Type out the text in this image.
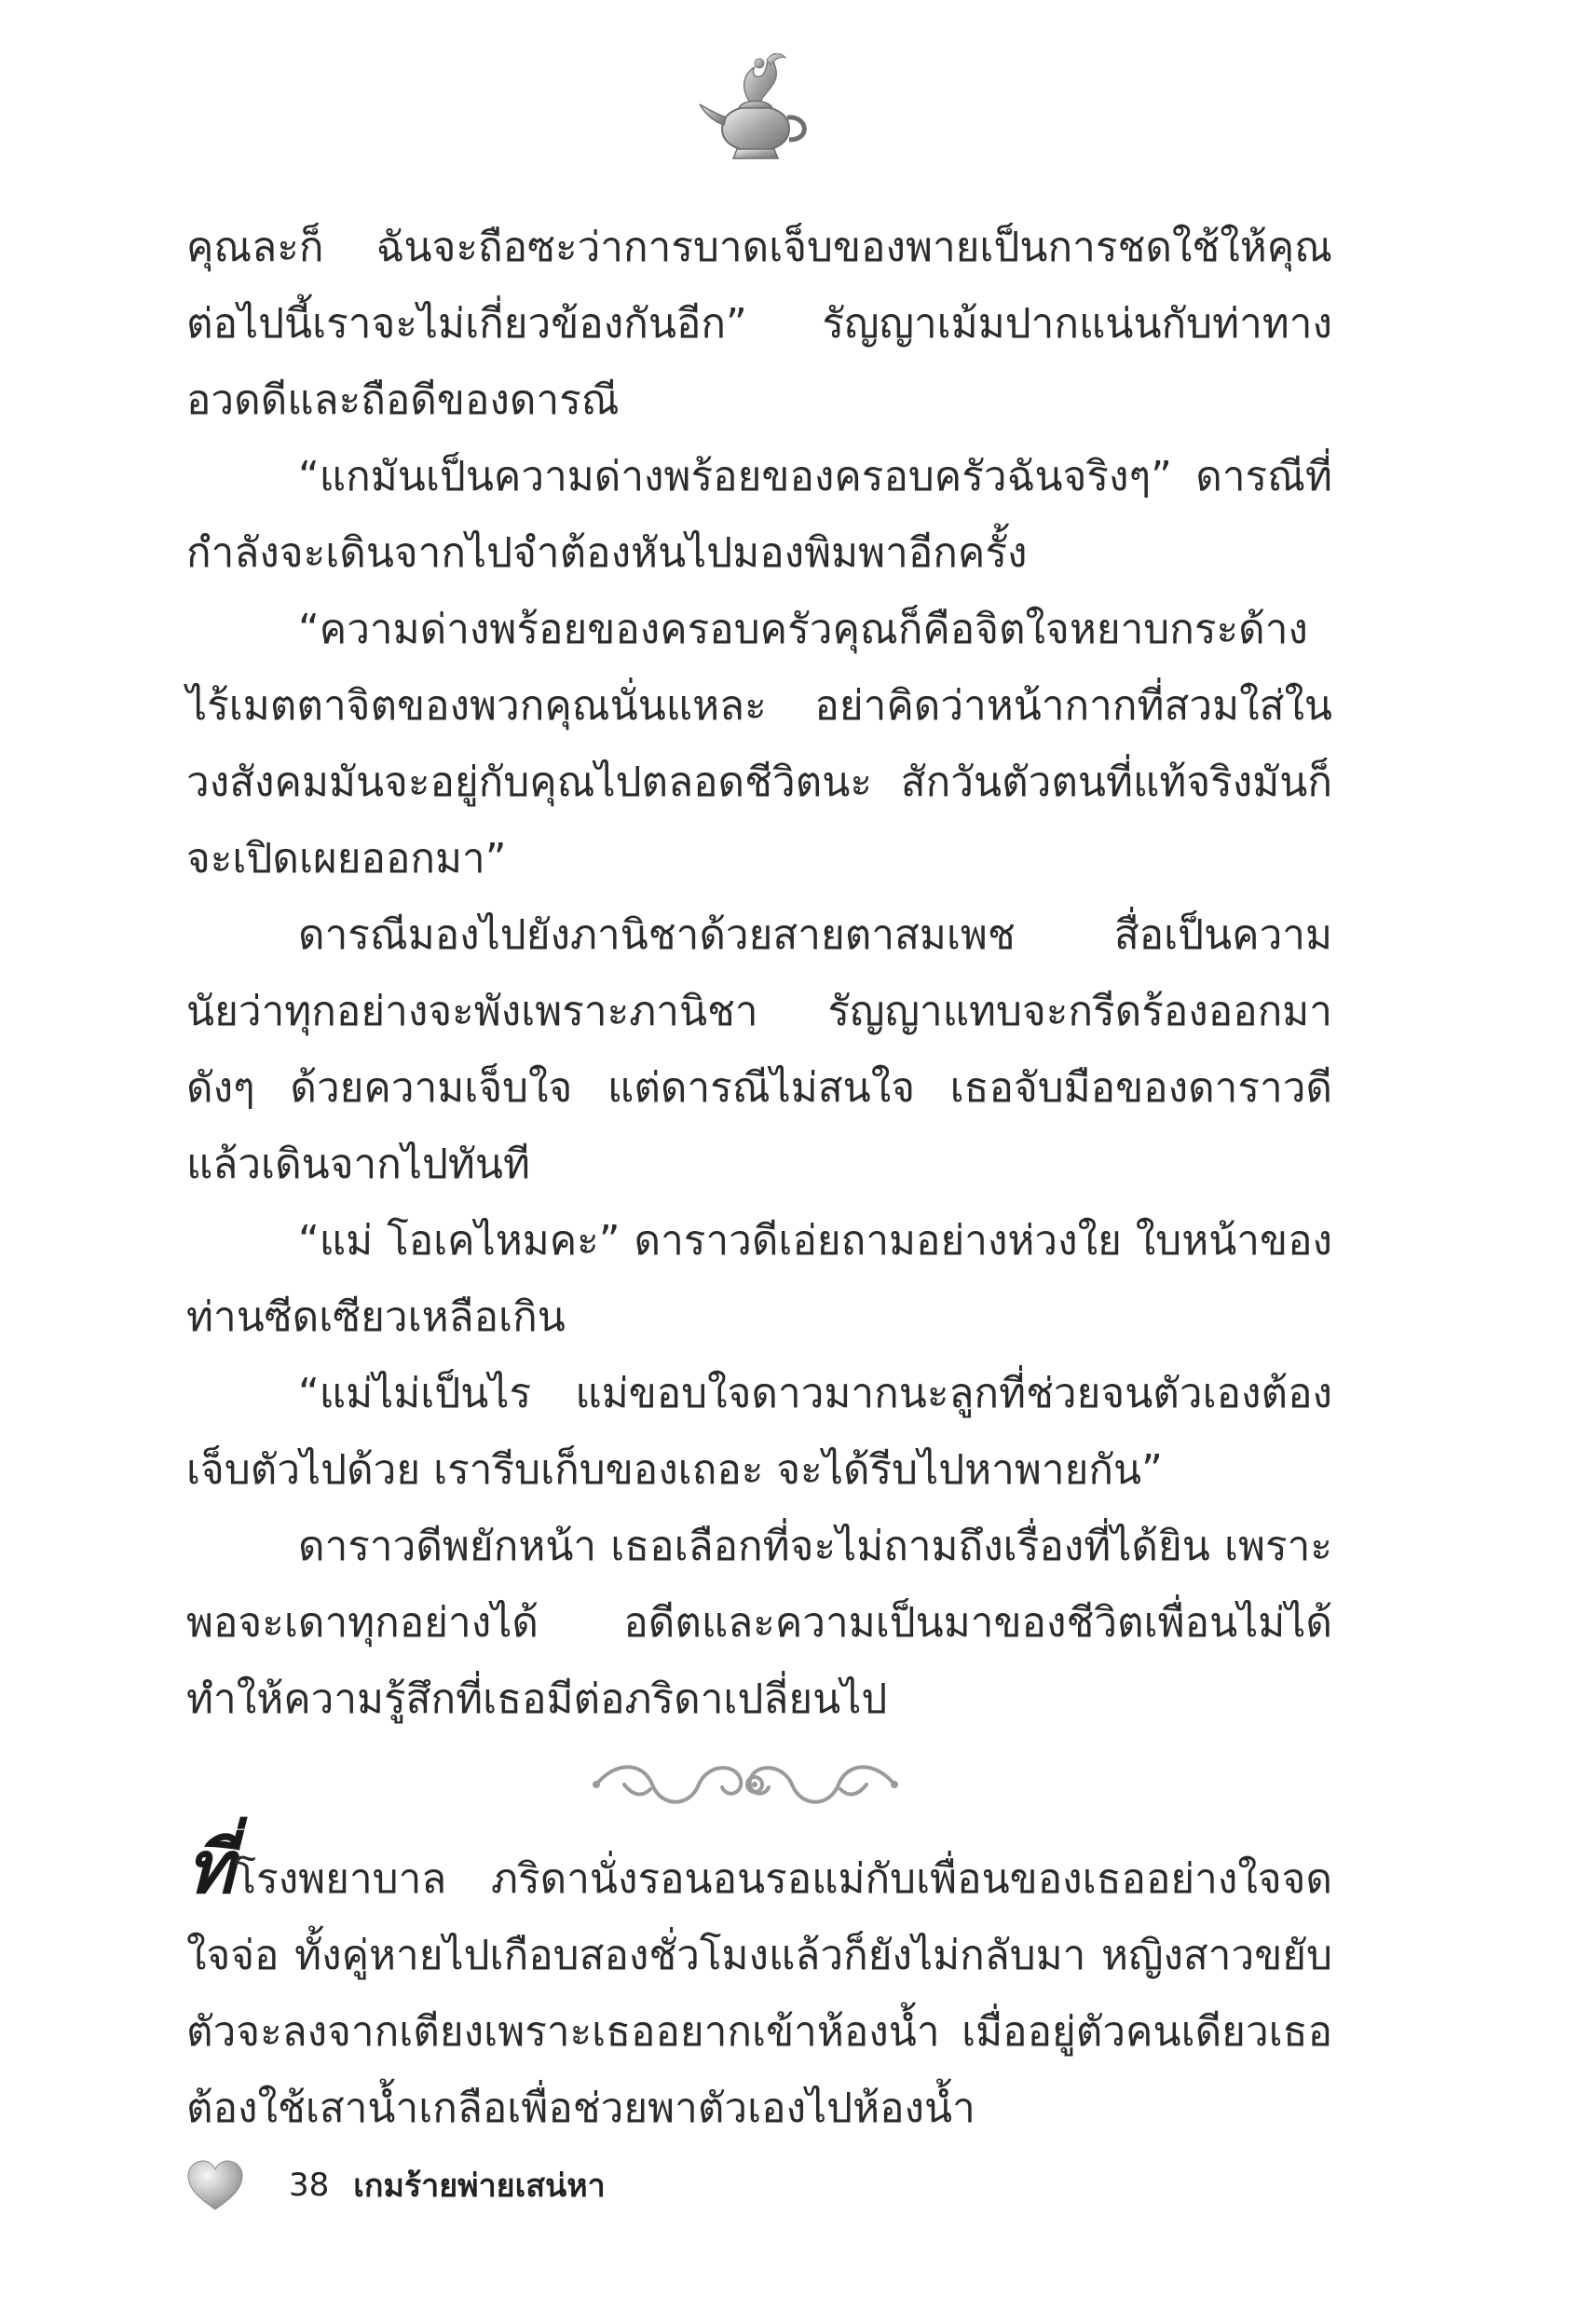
คุณละก็ ฉันจะถือซะว่าการบาดเจ็บของพายเป็นการชดใช้ให้คุณ ต่อไปนี้เราจะไม่เกี่ยวข้องกันอีก” รัญญาเม้มปากแน่นกับท่าทางอวดดีและถือดีของดารณี

“แกมันเป็นความด่างพร้อยของครอบครัวฉันจริงๆ” ดารณีที่กำลังจะเดินจากไปจำต้องหันไปมองพิมพาอีกครั้ง

“ความด่างพร้อยของครอบครัวคุณก็คือจิตใจหยาบกระด้างไร้เมตตาจิตของพวกคุณนั่นแหละ อย่าคิดว่าหน้ากากที่สวมใส่ในวงสังคมมันจะอยู่กับคุณไปตลอดชีวิตนะ สักวันตัวตนที่แท้จริงมันก็จะเปิดเผยออกมา”

ดารณีมองไปยังภานิชาด้วยสายตาสมเพช สื่อเป็นความนัยว่าทุกอย่างจะพังเพราะภานิชา รัญญาแทบจะกรีดร้องออกมาดังๆ ด้วยความเจ็บใจ แต่ดารณีไม่สนใจ เธอจับมือของดาราวดีแล้วเดินจากไปทันที

“แม่ โอเคไหมคะ” ดาราวดีเอ่ยถามอย่างห่วงใย ใบหน้าของท่านซีดเซียวเหลือเกิน

“แม่ไม่เป็นไร แม่ขอบใจดาวมากนะลูกที่ช่วยจนตัวเองต้องเจ็บตัวไปด้วย เรารีบเก็บของเถอะ จะได้รีบไปหาพายกัน”

ดาราวดีพยักหน้า เธอเลือกที่จะไม่ถามถึงเรื่องที่ได้ยิน เพราะพอจะเดาทุกอย่างได้ อดีตและความเป็นมาของชีวิตเพื่อนไม่ได้ทำให้ความรู้สึกที่เธอมีต่อภริดาเปลี่ยนไป

ที่โรงพยาบาล ภริดานั่งรอนอนรอแม่กับเพื่อนของเธออย่างใจจดใจจ่อ ทั้งคู่หายไปเกือบสองชั่วโมงแล้วก็ยังไม่กลับมา หญิงสาวขยับตัวจะลงจากเตียงเพราะเธออยากเข้าห้องน้ำ เมื่ออยู่ตัวคนเดียวเธอต้องใช้เสาน้ำเกลือเพื่อช่วยพาตัวเองไปห้องน้ำ

38 เกมร้ายพ่ายเสน่หา
